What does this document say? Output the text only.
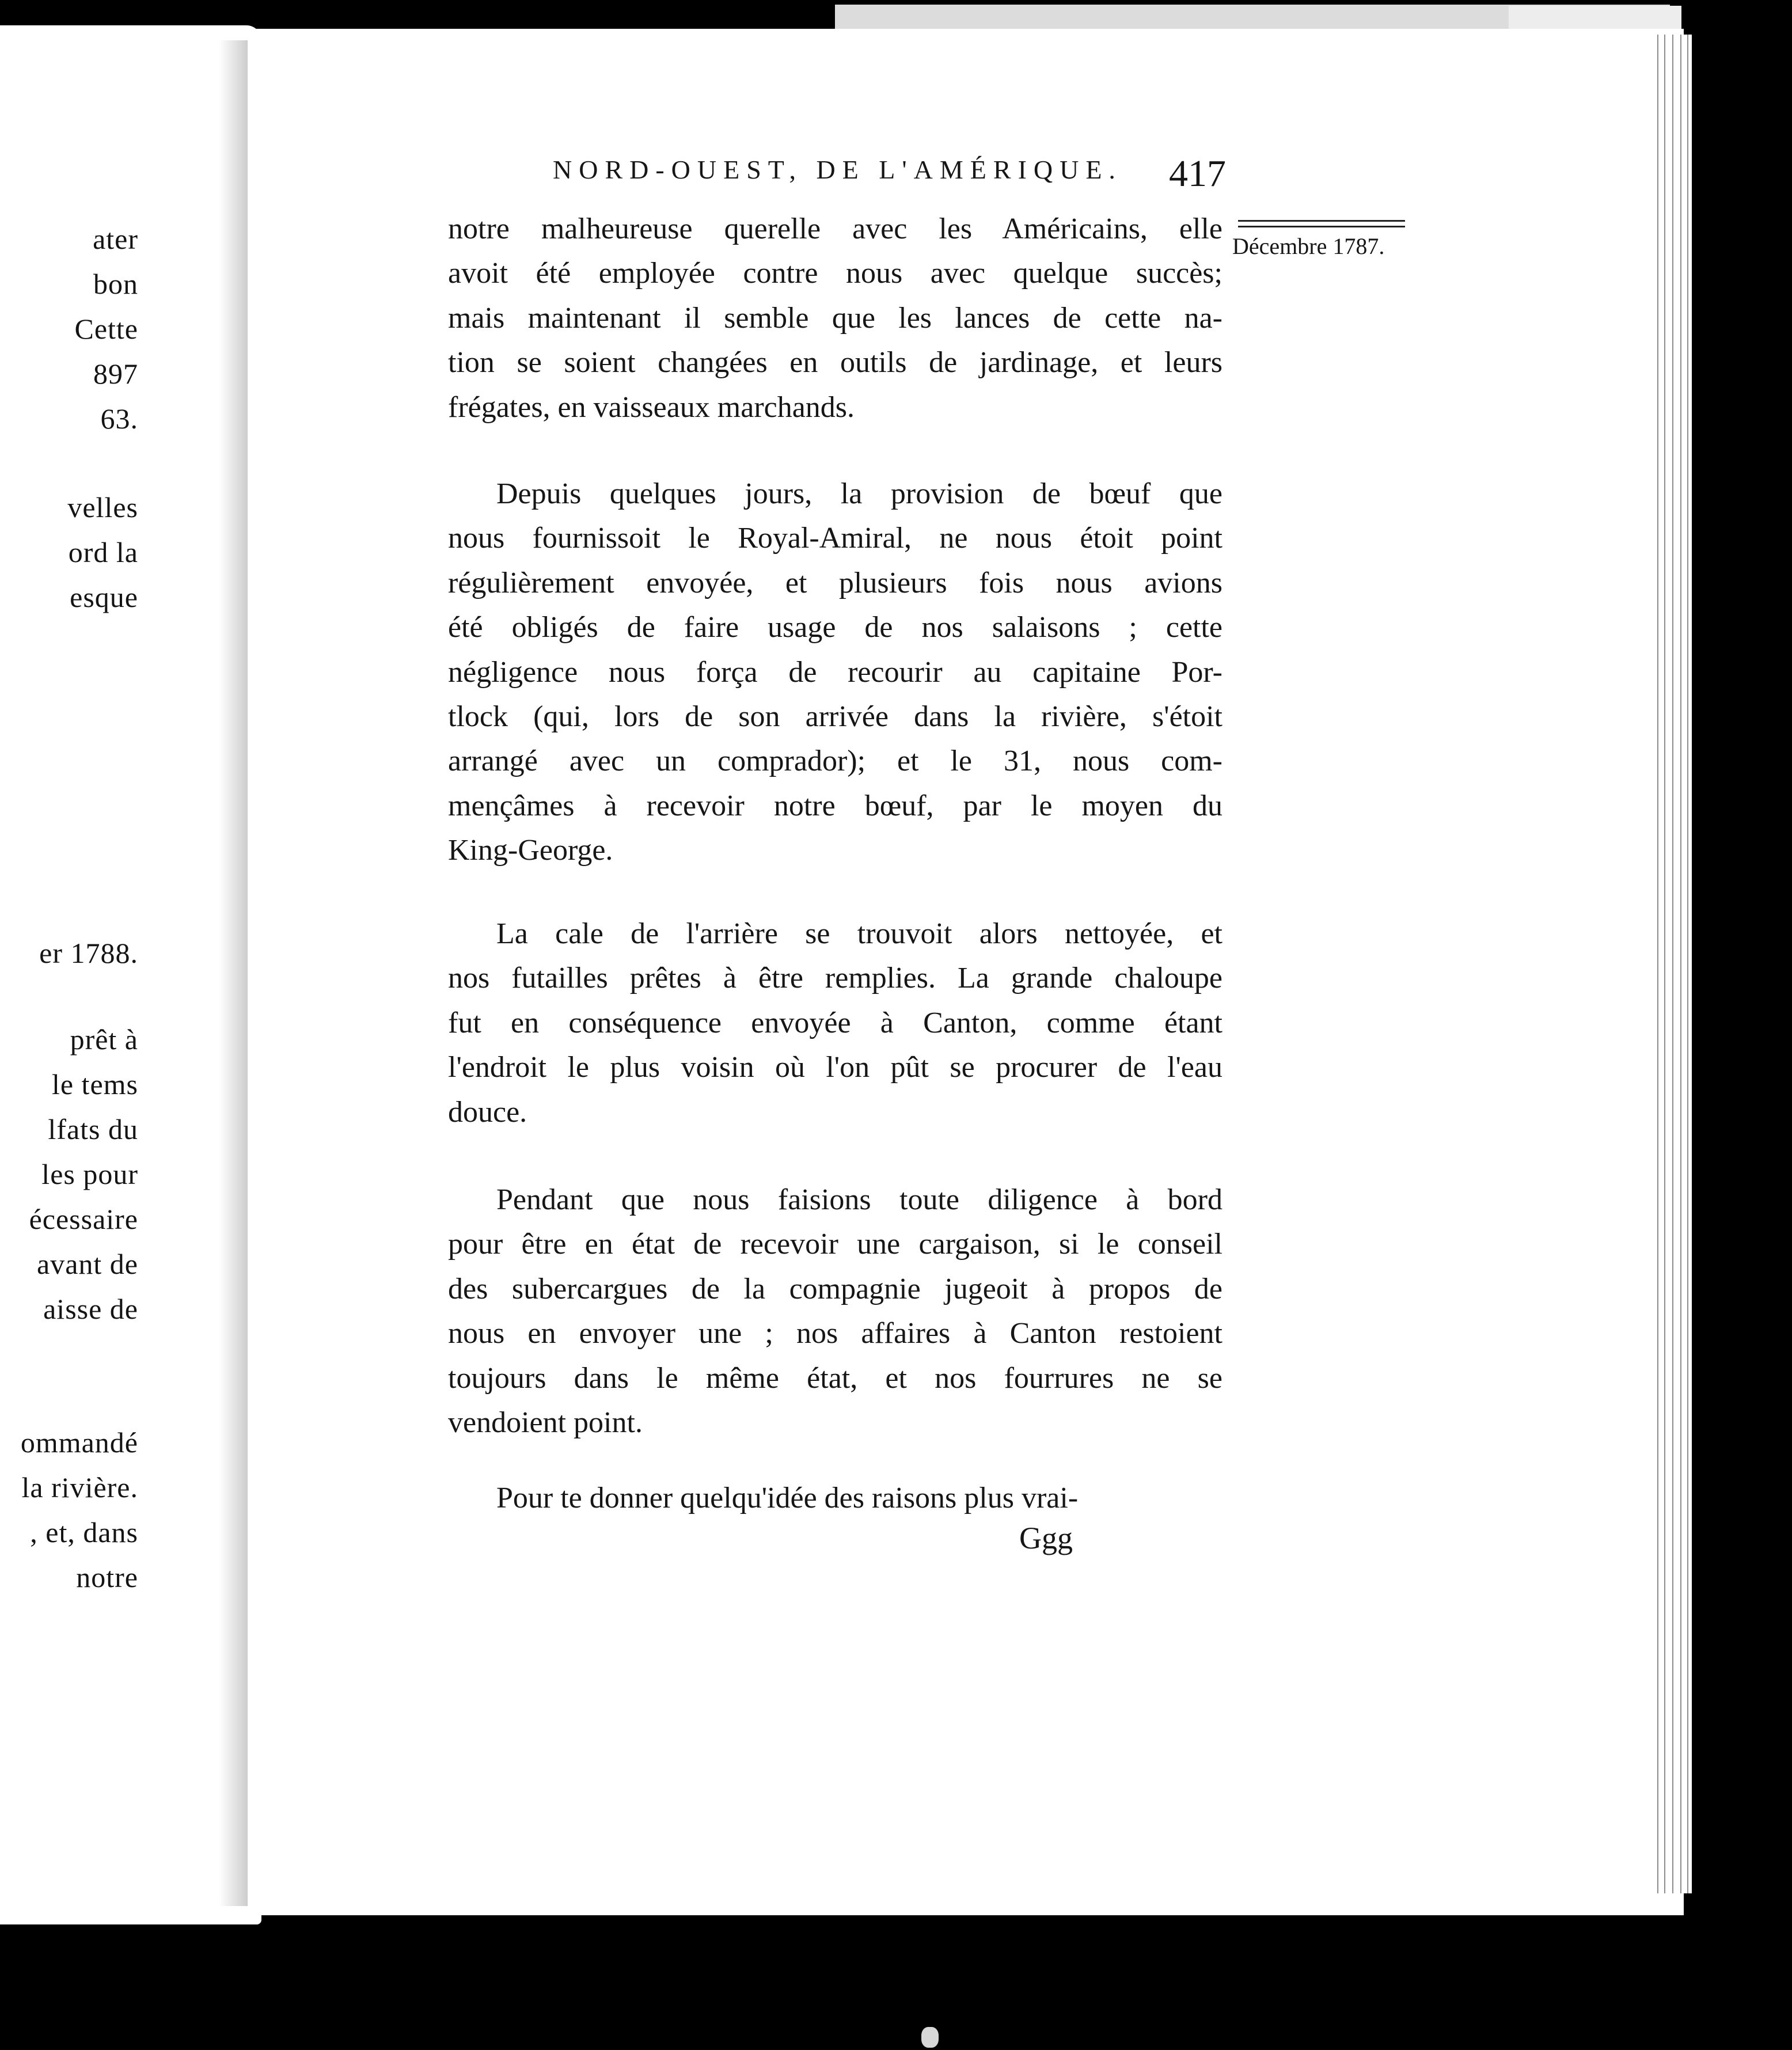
ater
bon
Cette
897
63.
velles
ord la
esque
er 1788.
prêt à
le tems
lfats du
les pour
écessaire
avant de
aisse de
ommandé
la rivière.
, et, dans
notre
NORD-OUEST, DE L'AMÉRIQUE. 417
Décembre 1787.
notre malheureuse querelle avec les Américains, elle
avoit été employée contre nous avec quelque succès;
mais maintenant il semble que les lances de cette na-
tion se soient changées en outils de jardinage, et leurs
frégates, en vaisseaux marchands.
Depuis quelques jours, la provision de bœuf que
nous fournissoit le Royal-Amiral, ne nous étoit point
régulièrement envoyée, et plusieurs fois nous avions
été obligés de faire usage de nos salaisons ; cette
négligence nous força de recourir au capitaine Por-
tlock (qui, lors de son arrivée dans la rivière, s'étoit
arrangé avec un comprador); et le 31, nous com-
mençâmes à recevoir notre bœuf, par le moyen du
King-George.
La cale de l'arrière se trouvoit alors nettoyée, et
nos futailles prêtes à être remplies. La grande chaloupe
fut en conséquence envoyée à Canton, comme étant
l'endroit le plus voisin où l'on pût se procurer de l'eau
douce.
Pendant que nous faisions toute diligence à bord
pour être en état de recevoir une cargaison, si le conseil
des subercargues de la compagnie jugeoit à propos de
nous en envoyer une ; nos affaires à Canton restoient
toujours dans le même état, et nos fourrures ne se
vendoient point.
Pour te donner quelqu'idée des raisons plus vrai-
Ggg
